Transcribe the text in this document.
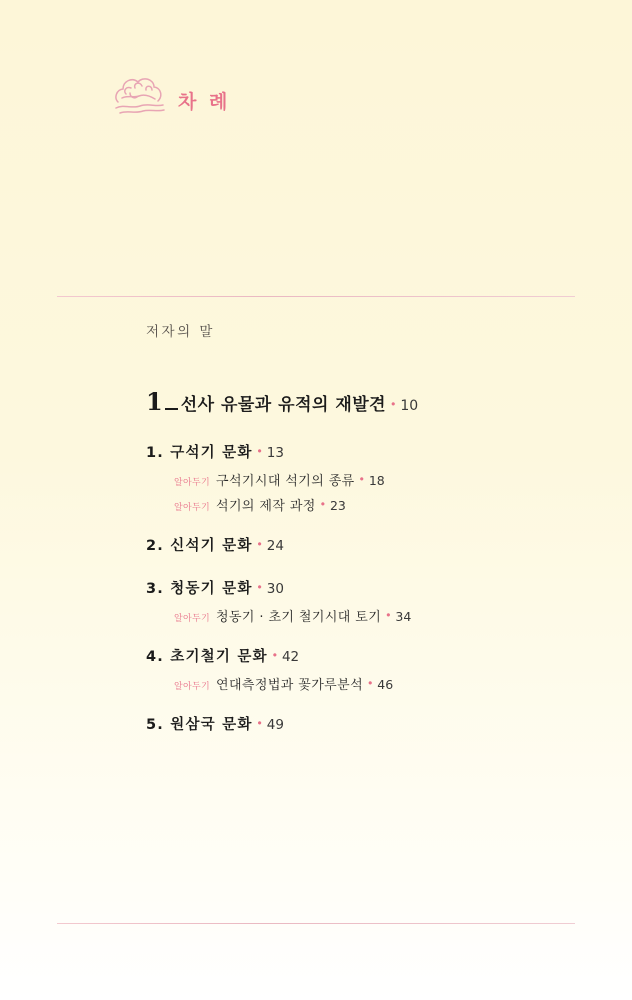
차 례

저자의 말

1 선사 유물과 유적의 재발견 • 10
1. 구석기 문화 • 13
알아두기 구석기시대 석기의 종류 • 18
알아두기 석기의 제작 과정 • 23
2. 신석기 문화 • 24
3. 청동기 문화 • 30
알아두기 청동기 · 초기 철기시대 토기 • 34
4. 초기철기 문화 • 42
알아두기 연대측정법과 꽃가루분석 • 46
5. 원삼국 문화 • 49
